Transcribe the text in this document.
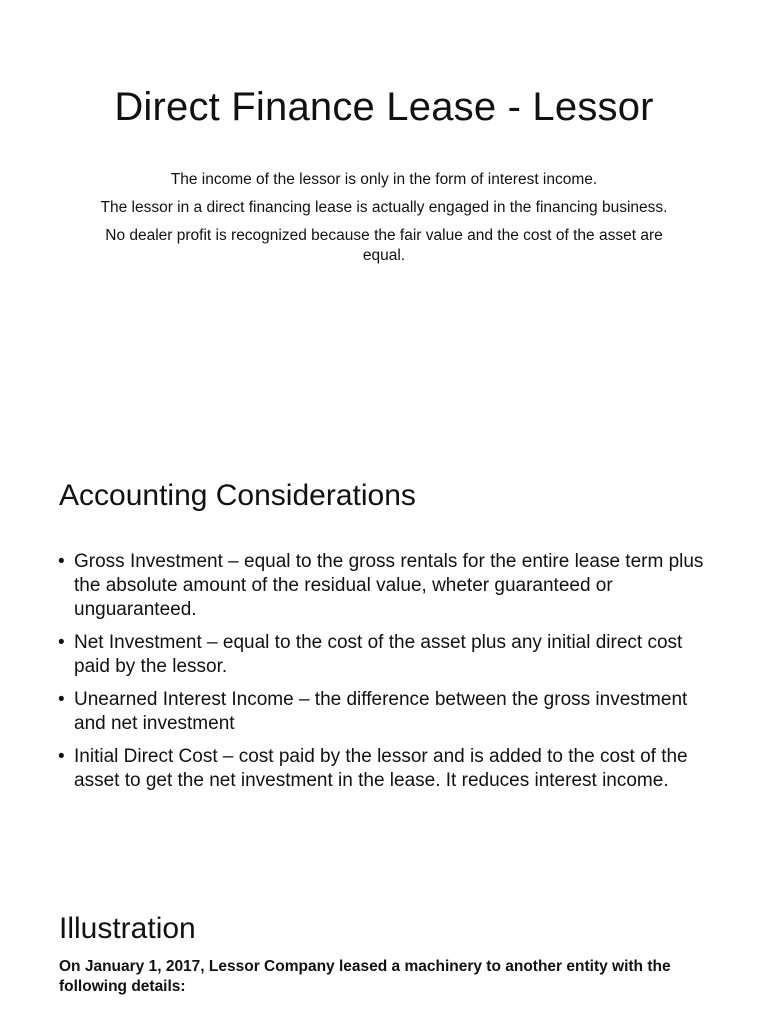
Direct Finance Lease - Lessor

The income of the lessor is only in the form of interest income.

The lessor in a direct financing lease is actually engaged in the financing business.

No dealer profit is recognized because the fair value and the cost of the asset are equal.

Accounting Considerations
• Gross Investment – equal to the gross rentals for the entire lease term plus the absolute amount of the residual value, wheter guaranteed or unguaranteed.
• Net Investment – equal to the cost of the asset plus any initial direct cost paid by the lessor.
• Unearned Interest Income – the difference between the gross investment and net investment
• Initial Direct Cost – cost paid by the lessor and is added to the cost of the asset to get the net investment in the lease. It reduces interest income.
Illustration

On January 1, 2017, Lessor Company leased a machinery to another entity with the following details:
